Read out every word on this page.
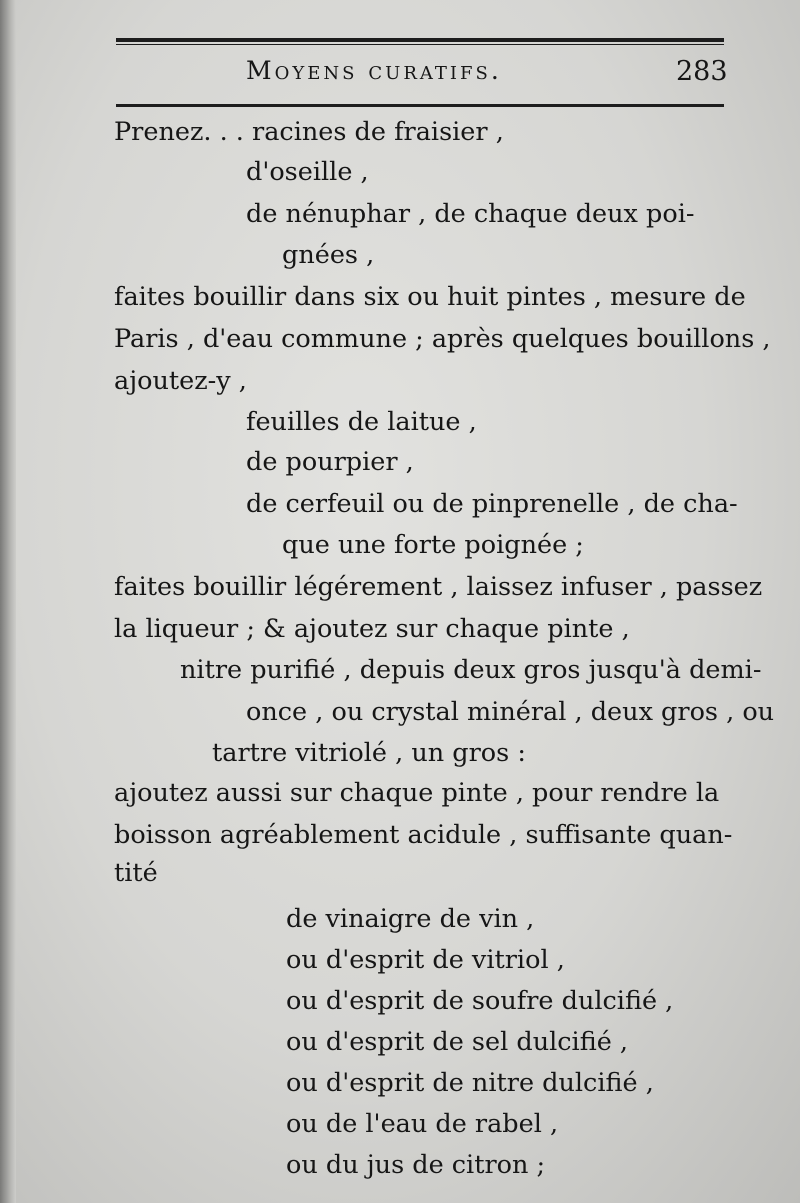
Moyens curatifs.	283
Prenez. . . racines de fraisier ,
d'oseille ,
de nénuphar , de chaque deux poi-
gnées ,
faites bouillir dans six ou huit pintes , mesure de
Paris , d'eau commune ; après quelques bouillons ,
ajoutez-y ,
feuilles de laitue ,
de pourpier ,
de cerfeuil ou de pinprenelle , de cha-
que une forte poignée ;
faites bouillir légérement , laissez infuser , passez
la liqueur ; & ajoutez sur chaque pinte ,
nitre purifié , depuis deux gros jusqu'à demi-
once , ou crystal minéral , deux gros , ou
tartre vitriolé , un gros :
ajoutez aussi sur chaque pinte , pour rendre la
boisson agréablement acidule , suffisante quan-
tité
de vinaigre de vin ,
ou d'esprit de vitriol ,
ou d'esprit de soufre dulcifié ,
ou d'esprit de sel dulcifié ,
ou d'esprit de nitre dulcifié ,
ou de l'eau de rabel ,
ou du jus de citron ;
